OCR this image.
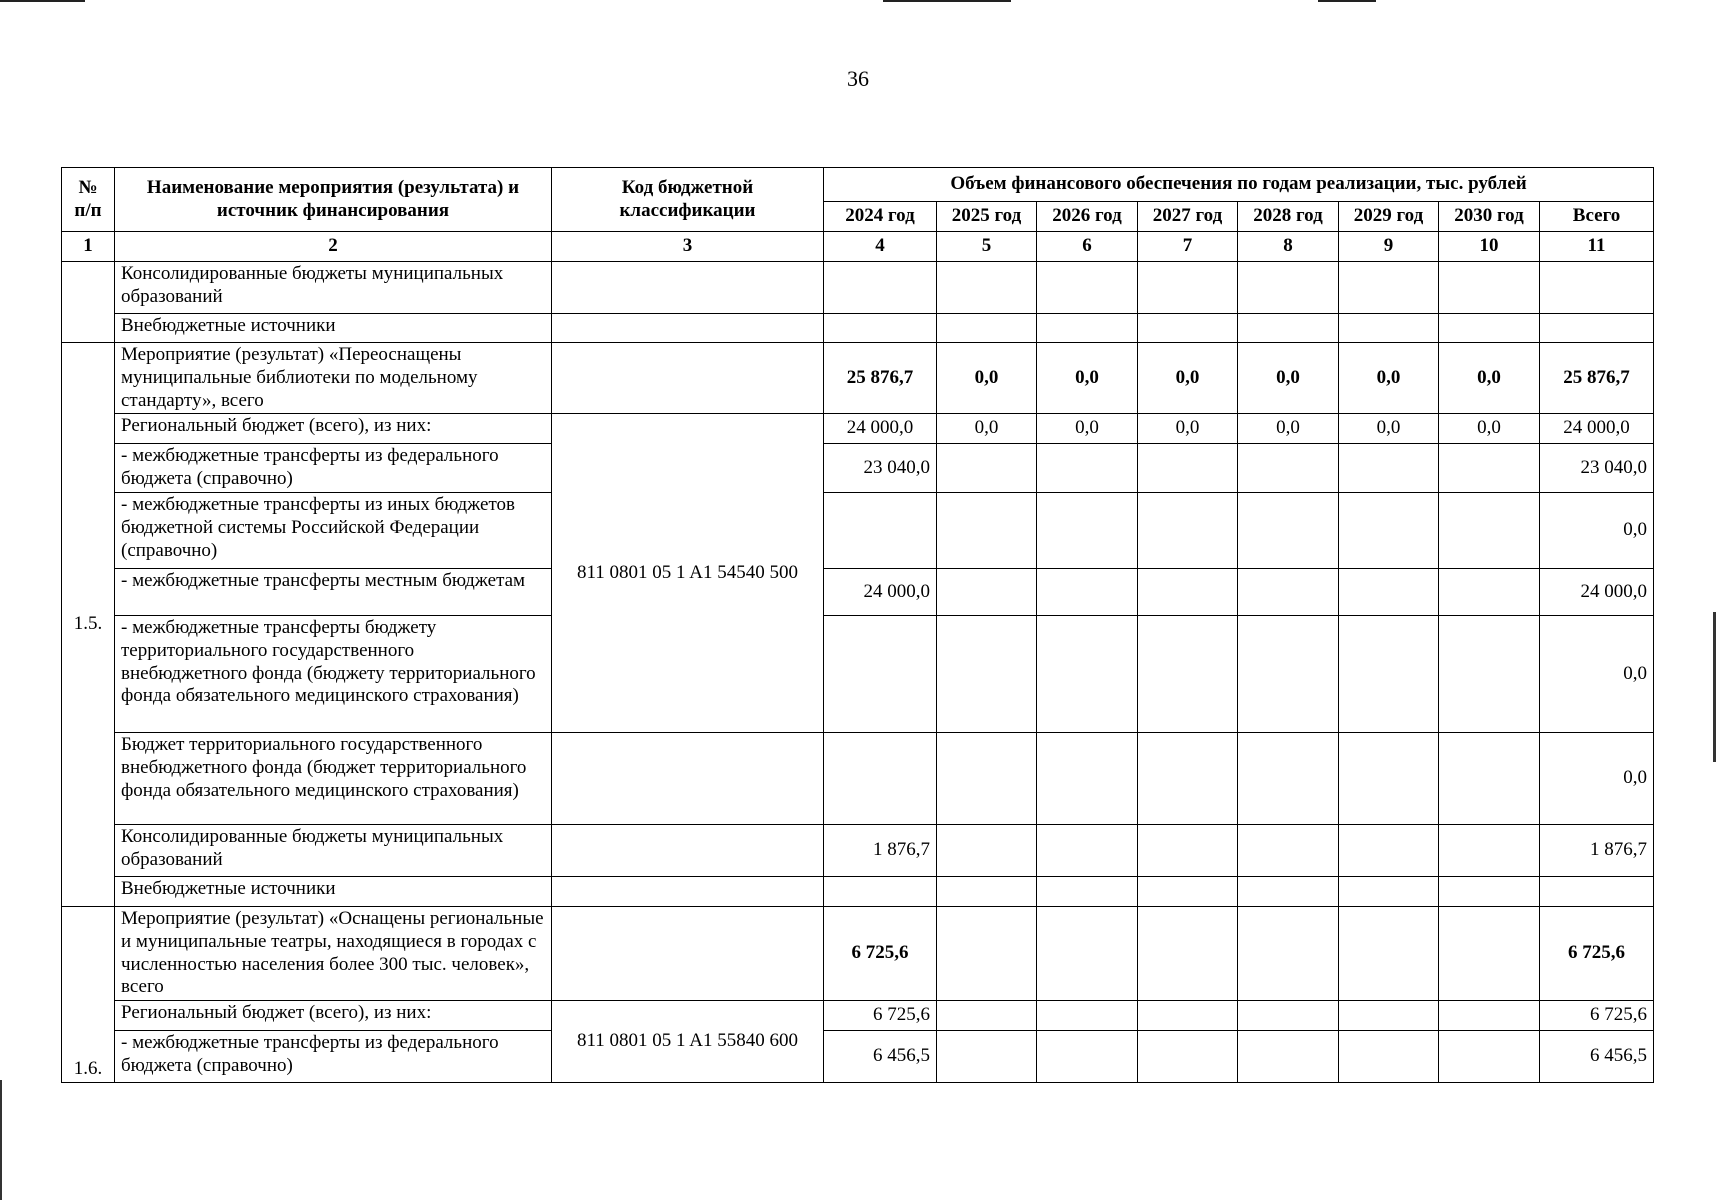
36
№ п/п	Наименование мероприятия (результата) и источник финансирования	Код бюджетной классификации	Объем финансового обеспечения по годам реализации, тыс. рублей							
			2024 год	2025 год	2026 год	2027 год	2028 год	2029 год	2030 год	Всего
1	2	3	4	5	6	7	8	9	10	11
	Консолидированные бюджеты муниципальных образований									
	Внебюджетные источники									
1.5.	Мероприятие (результат) «Переоснащены муниципальные библиотеки по модельному стандарту», всего		25 876,7	0,0	0,0	0,0	0,0	0,0	0,0	25 876,7
	Региональный бюджет (всего), из них:	811 0801 05 1 A1 54540 500	24 000,0	0,0	0,0	0,0	0,0	0,0	0,0	24 000,0
	- межбюджетные трансферты из федерального бюджета (справочно)		23 040,0							23 040,0
	- межбюджетные трансферты из иных бюджетов бюджетной системы Российской Федерации (справочно)									0,0
	- межбюджетные трансферты местным бюджетам		24 000,0							24 000,0
	- межбюджетные трансферты бюджету территориального государственного внебюджетного фонда (бюджету территориального фонда обязательного медицинского страхования)									0,0
	Бюджет территориального государственного внебюджетного фонда (бюджет территориального фонда обязательного медицинского страхования)									0,0
	Консолидированные бюджеты муниципальных образований		1 876,7							1 876,7
	Внебюджетные источники									
1.6.	Мероприятие (результат) «Оснащены региональные и муниципальные театры, находящиеся в городах с численностью населения более 300 тыс. человек», всего		6 725,6							6 725,6
	Региональный бюджет (всего), из них:	811 0801 05 1 A1 55840 600	6 725,6							6 725,6
	- межбюджетные трансферты из федерального бюджета (справочно)		6 456,5							6 456,5
